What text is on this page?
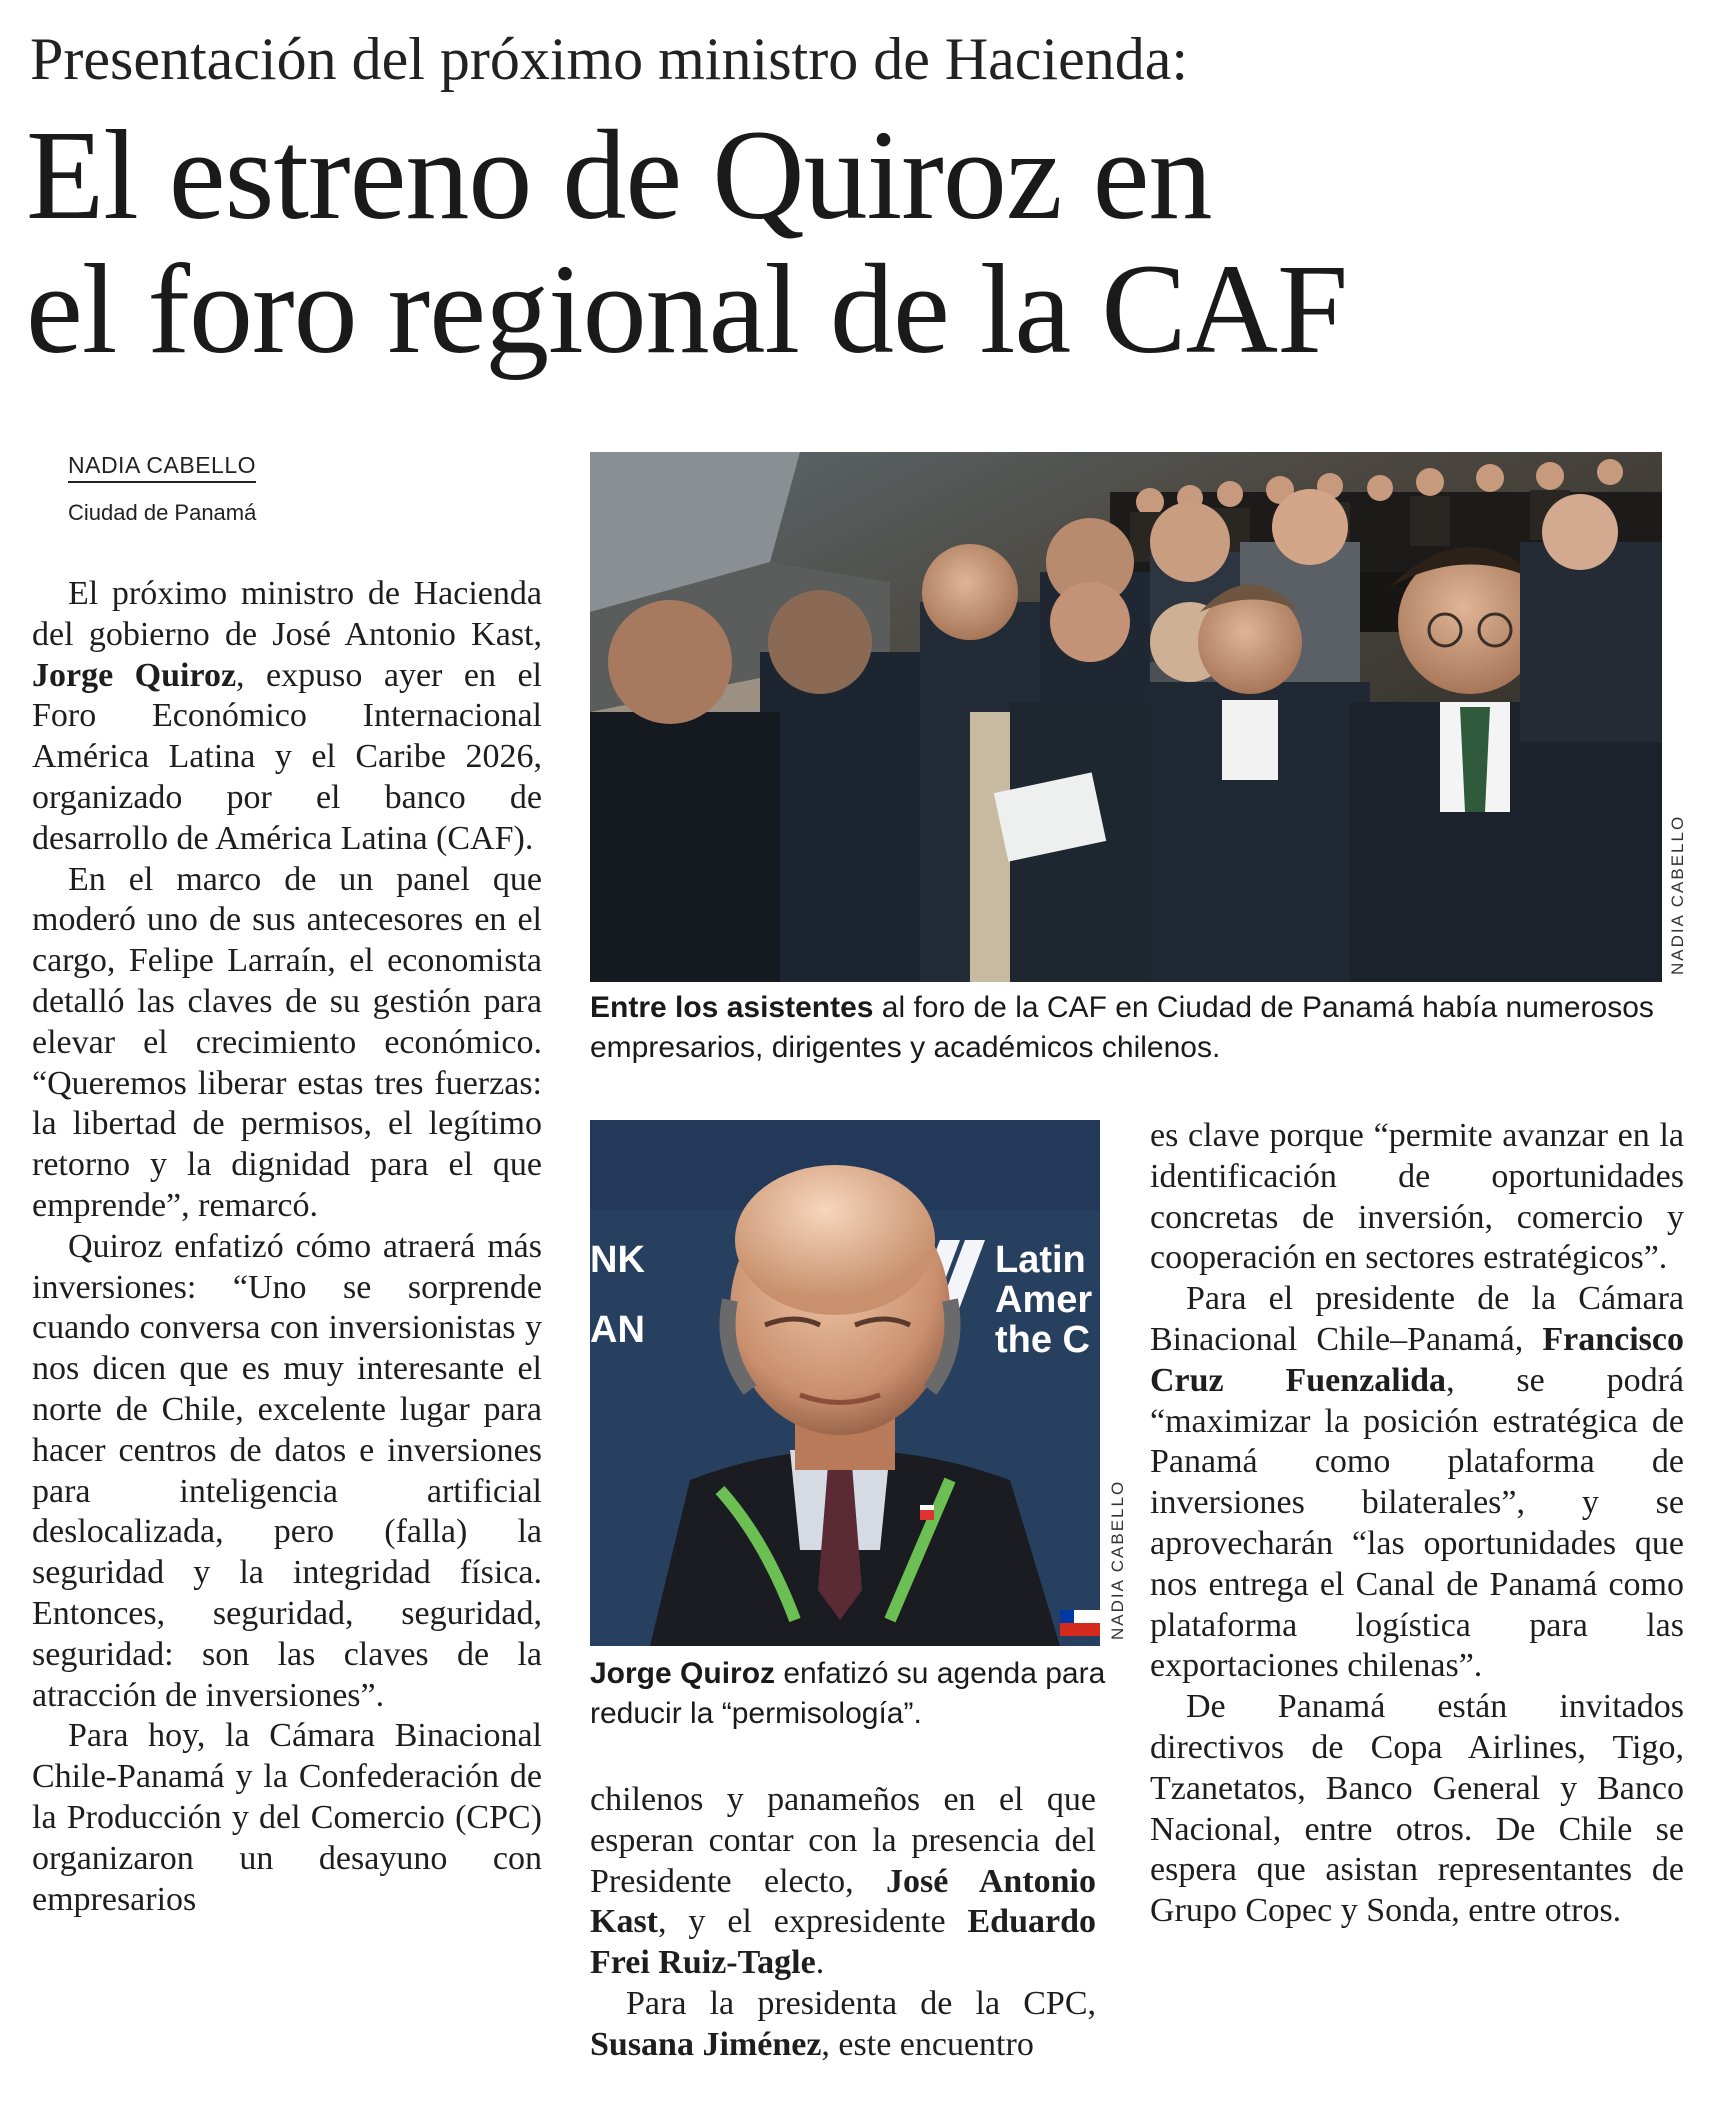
Presentación del próximo ministro de Hacienda:
El estreno de Quiroz en
el foro regional de la CAF
NADIA CABELLO
Ciudad de Panamá

El próximo ministro de Hacienda del gobierno de José Antonio Kast, Jorge Quiroz, expuso ayer en el Foro Económico Internacional América Latina y el Caribe 2026, organizado por el banco de desarrollo de América Latina (CAF).

En el marco de un panel que moderó uno de sus antecesores en el cargo, Felipe Larraín, el economista detalló las claves de su gestión para elevar el crecimiento económico. “Queremos liberar estas tres fuerzas: la libertad de permisos, el legítimo retorno y la dignidad para el que emprende”, remarcó.

Quiroz enfatizó cómo atraerá más inversiones: “Uno se sorprende cuando conversa con inversionistas y nos dicen que es muy interesante el norte de Chile, excelente lugar para hacer centros de datos e inversiones para inteligencia artificial deslocalizada, pero (falla) la seguridad y la integridad física. Entonces, seguridad, seguridad, seguridad: son las claves de la atracción de inversiones”.

Para hoy, la Cámara Binacional Chile-Panamá y la Confederación de la Producción y del Comercio (CPC) organizaron un desayuno con empresarios

NADIA CABELLO
Entre los asistentes al foro de la CAF en Ciudad de Panamá había numerosos empresarios, dirigentes y académicos chilenos.
NK
AN
Latin
Amer
the C
NADIA CABELLO
Jorge Quiroz enfatizó su agenda para reducir la “permisología”.

chilenos y panameños en el que esperan contar con la presencia del Presidente electo, José Antonio Kast, y el expresidente Eduardo Frei Ruiz-Tagle.

Para la presidenta de la CPC, Susana Jiménez, este encuentro

es clave porque “permite avanzar en la identificación de oportunidades concretas de inversión, comercio y cooperación en sectores estratégicos”.

Para el presidente de la Cámara Binacional Chile–Panamá, Francisco Cruz Fuenzalida, se podrá “maximizar la posición estratégica de Panamá como plataforma de inversiones bilaterales”, y se aprovecharán “las oportunidades que nos entrega el Canal de Panamá como plataforma logística para las exportaciones chilenas”.

De Panamá están invitados directivos de Copa Airlines, Tigo, Tzanetatos, Banco General y Banco Nacional, entre otros. De Chile se espera que asistan representantes de Grupo Copec y Sonda, entre otros.
